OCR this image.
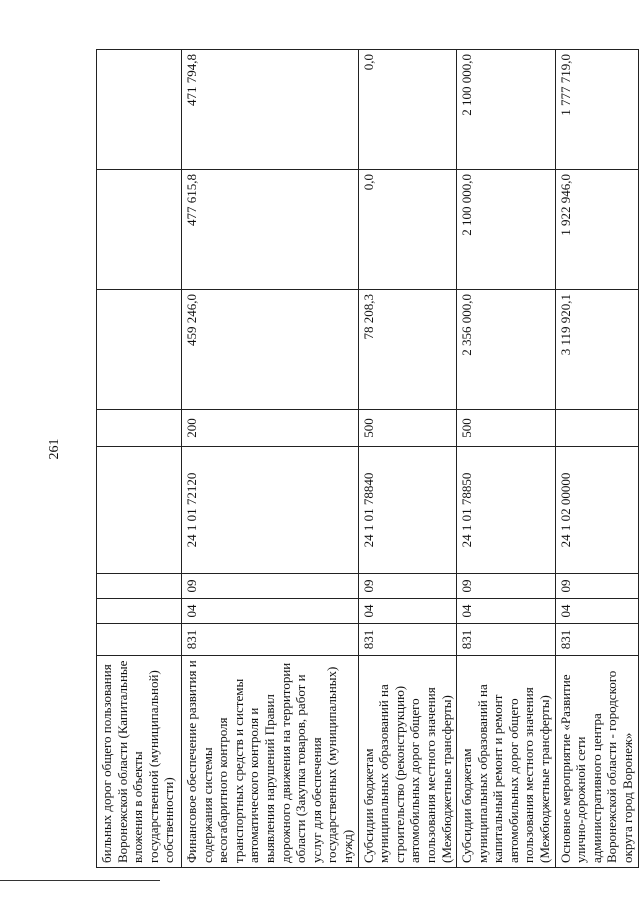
261
бильных дорог общего пользования Воронежской области (Капитальные вложения в объекты государственной (муниципальной) собственности)								
Финансовое обеспечение развития и содержания системы весогабаритного контроля транспортных средств и системы автоматического контроля и выявления нарушений Правил дорожного движения на территории области (Закупка товаров, работ и услуг для обеспечения государственных (муниципальных) нужд)	831	04	09	24 1 01 72120	200	459 246,0	477 615,8	471 794,8
Субсидии бюджетам муниципальных образований на строительство (реконструкцию) автомобильных дорог общего пользования местного значения (Межбюджетные трансферты)	831	04	09	24 1 01 78840	500	78 208,3	0,0	0,0
Субсидии бюджетам муниципальных образований на капитальный ремонт и ремонт автомобильных дорог общего пользования местного значения (Межбюджетные трансферты)	831	04	09	24 1 01 78850	500	2 356 000,0	2 100 000,0	2 100 000,0
Основное мероприятие «Развитие улично-дорожной сети административного центра Воронежской области - городского округа город Воронеж»	831	04	09	24 1 02 00000		3 119 920,1	1 922 946,0	1 777 719,0
